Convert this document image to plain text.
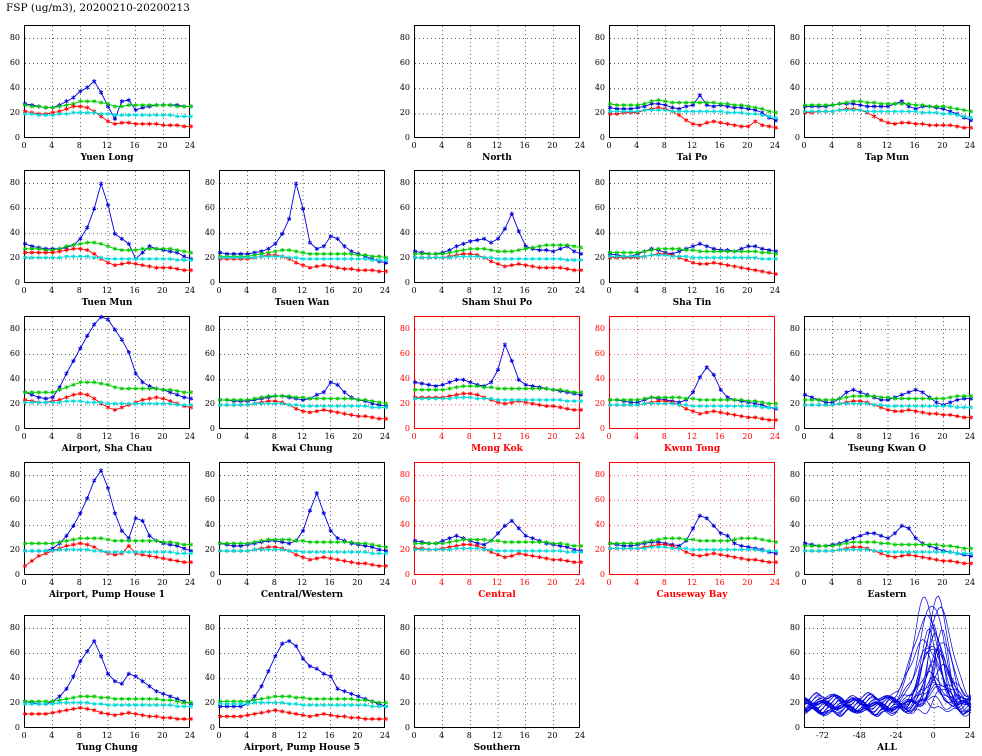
FSP (ug/m3), 20200210-20200213
0
20
40
60
80
0	4	8	12	16	20	24
Yuen Long
0
20
40
60
80
0	4	8	12	16	20	24
North
0
20
40
60
80
0	4	8	12	16	20	24
Tai Po
0
20
40
60
80
0	4	8	12	16	20	24
Tap Mun
0
20
40
60
80
0	4	8	12	16	20	24
Tuen Mun
0
20
40
60
80
0	4	8	12	16	20	24
Tsuen Wan
0
20
40
60
80
0	4	8	12	16	20	24
Sham Shui Po
0
20
40
60
80
0	4	8	12	16	20	24
Sha Tin
0
20
40
60
80
0	4	8	12	16	20	24
Airport, Sha Chau
0
20
40
60
80
0	4	8	12	16	20	24
Kwai Chung
0
20
40
60
80
0	4	8	12	16	20	24
Mong Kok
0
20
40
60
80
0	4	8	12	16	20	24
Kwun Tong
0
20
40
60
80
0	4	8	12	16	20	24
Tseung Kwan O
0
20
40
60
80
0	4	8	12	16	20	24
Airport, Pump House 1
0
20
40
60
80
0	4	8	12	16	20	24
Central/Western
0
20
40
60
80
0	4	8	12	16	20	24
Central
0
20
40
60
80
0	4	8	12	16	20	24
Causeway Bay
0
20
40
60
80
0	4	8	12	16	20	24
Eastern
0
20
40
60
80
0	4	8	12	16	20	24
Tung Chung
0
20
40
60
80
0	4	8	12	16	20	24
Airport, Pump House 5
0
20
40
60
80
0	4	8	12	16	20	24
Southern
0
20
40
60
80
-72	-48	-24	0	24
ALL
